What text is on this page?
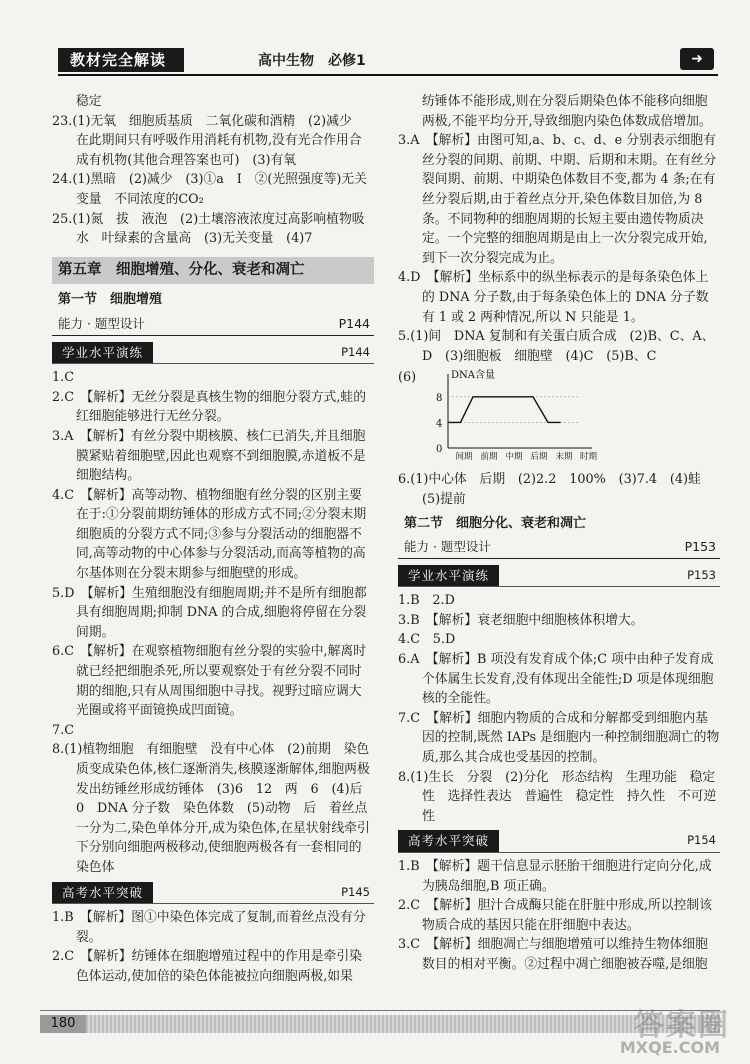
教材完全解读	高中生物　必修1	➜

稳定

23.(1)无氧　细胞质基质　二氧化碳和酒精　(2)减少　在此期间只有呼吸作用消耗有机物,没有光合作用合成有机物(其他合理答案也可)　(3)有氧

24.(1)黑暗　(2)减少　(3)①a　Ⅰ　②(光照强度等)无关变量　不同浓度的CO₂

25.(1)氮　拔　液泡　(2)土壤溶液浓度过高影响植物吸水　叶绿素的含量高　(3)无关变量　(4)7

第五章　细胞增殖、分化、衰老和凋亡
第一节　细胞增殖
能力 · 题型设计	P144
学业水平演练	P144

1.C

2.C　【解析】无丝分裂是真核生物的细胞分裂方式,蛙的红细胞能够进行无丝分裂。

3.A　【解析】有丝分裂中期核膜、核仁已消失,并且细胞膜紧贴着细胞壁,因此也观察不到细胞膜,赤道板不是细胞结构。

4.C　【解析】高等动物、植物细胞有丝分裂的区别主要在于:①分裂前期纺锤体的形成方式不同;②分裂末期细胞质的分裂方式不同;③参与分裂活动的细胞器不同,高等动物的中心体参与分裂活动,而高等植物的高尔基体则在分裂末期参与细胞壁的形成。

5.D　【解析】生殖细胞没有细胞周期;并不是所有细胞都具有细胞周期;抑制 DNA 的合成,细胞将停留在分裂间期。

6.C　【解析】在观察植物细胞有丝分裂的实验中,解离时就已经把细胞杀死,所以要观察处于有丝分裂不同时期的细胞,只有从周围细胞中寻找。视野过暗应调大光圈或将平面镜换成凹面镜。

7.C

8.(1)植物细胞　有细胞壁　没有中心体　(2)前期　染色质变成染色体,核仁逐渐消失,核膜逐渐解体,细胞两极发出纺锤丝形成纺锤体　(3)6　12　两　6　(4)后　0　DNA 分子数　染色体数　(5)动物　后　着丝点一分为二,染色单体分开,成为染色体,在星状射线牵引下分别向细胞两极移动,使细胞两极各有一套相同的染色体

高考水平突破	P145

1.B　【解析】图①中染色体完成了复制,而着丝点没有分裂。

2.C　【解析】纺锤体在细胞增殖过程中的作用是牵引染色体运动,使加倍的染色体能被拉向细胞两极,如果

纺锤体不能形成,则在分裂后期染色体不能移向细胞两极,不能平均分开,导致细胞内染色体数成倍增加。

3.A　【解析】由图可知,a、b、c、d、e 分别表示细胞有丝分裂的间期、前期、中期、后期和末期。在有丝分裂间期、前期、中期染色体数目不变,都为 4 条;在有丝分裂后期,由于着丝点分开,染色体数目加倍,为 8 条。不同物种的细胞周期的长短主要由遗传物质决定。一个完整的细胞周期是由上一次分裂完成开始,到下一次分裂完成为止。

4.D　【解析】坐标系中的纵坐标表示的是每条染色体上的 DNA 分子数,由于每条染色体上的 DNA 分子数有 1 或 2 两种情况,所以 N 只能是 1。

5.(1)间　DNA 复制和有关蛋白质合成　(2)B、C、A、D　(3)细胞板　细胞壁　(4)C　(5)B、C

(6)	DNA含量
0
4
8
间期 前期 中期 后期 末期 时期

6.(1)中心体　后期　(2)2.2　100%　(3)7.4　(4)蛙　(5)提前

第二节　细胞分化、衰老和凋亡
能力 · 题型设计	P153
学业水平演练	P153

1.B　2.D

3.B　【解析】衰老细胞中细胞核体积增大。

4.C　5.D

6.A　【解析】B 项没有发育成个体;C 项中由种子发育成个体属生长发育,没有体现出全能性;D 项是体现细胞核的全能性。

7.C　【解析】细胞内物质的合成和分解都受到细胞内基因的控制,既然 IAPs 是细胞内一种控制细胞凋亡的物质,那么其合成也受基因的控制。

8.(1)生长　分裂　(2)分化　形态结构　生理功能　稳定性　选择性表达　普遍性　稳定性　持久性　不可逆性

高考水平突破	P154

1.B　【解析】题干信息显示胚胎干细胞进行定向分化,成为胰岛细胞,B 项正确。

2.C　【解析】胆汁合成酶只能在肝脏中形成,所以控制该物质合成的基因只能在肝细胞中表达。

3.C　【解析】细胞凋亡与细胞增殖可以维持生物体细胞数目的相对平衡。②过程中凋亡细胞被吞噬,是细胞

180	答案圈
MXQE.COM
